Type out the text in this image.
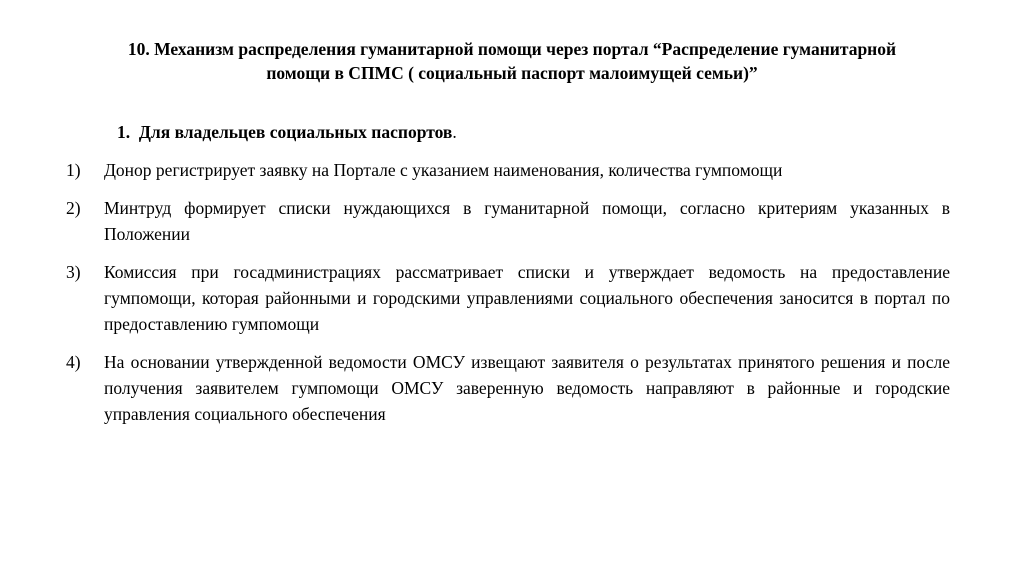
10. Механизм распределения гуманитарной помощи через портал “Распределение гуманитарной
помощи в СПМС ( социальный паспорт малоимущей семьи)”
1. Для владельцев социальных паспортов.
1) Донор регистрирует заявку на Портале с указанием наименования, количества гумпомощи
2) Минтруд формирует списки нуждающихся в гуманитарной помощи, согласно критериям указанных в Положении
3) Комиссия при госадминистрациях рассматривает списки и утверждает ведомость на предоставление гумпомощи, которая районными и городскими управлениями социального обеспечения заносится в портал по предоставлению гумпомощи
4) На основании утвержденной ведомости ОМСУ извещают заявителя о результатах принятого решения и после получения заявителем гумпомощи ОМСУ заверенную ведомость направляют в районные и городские управления социального обеспечения
